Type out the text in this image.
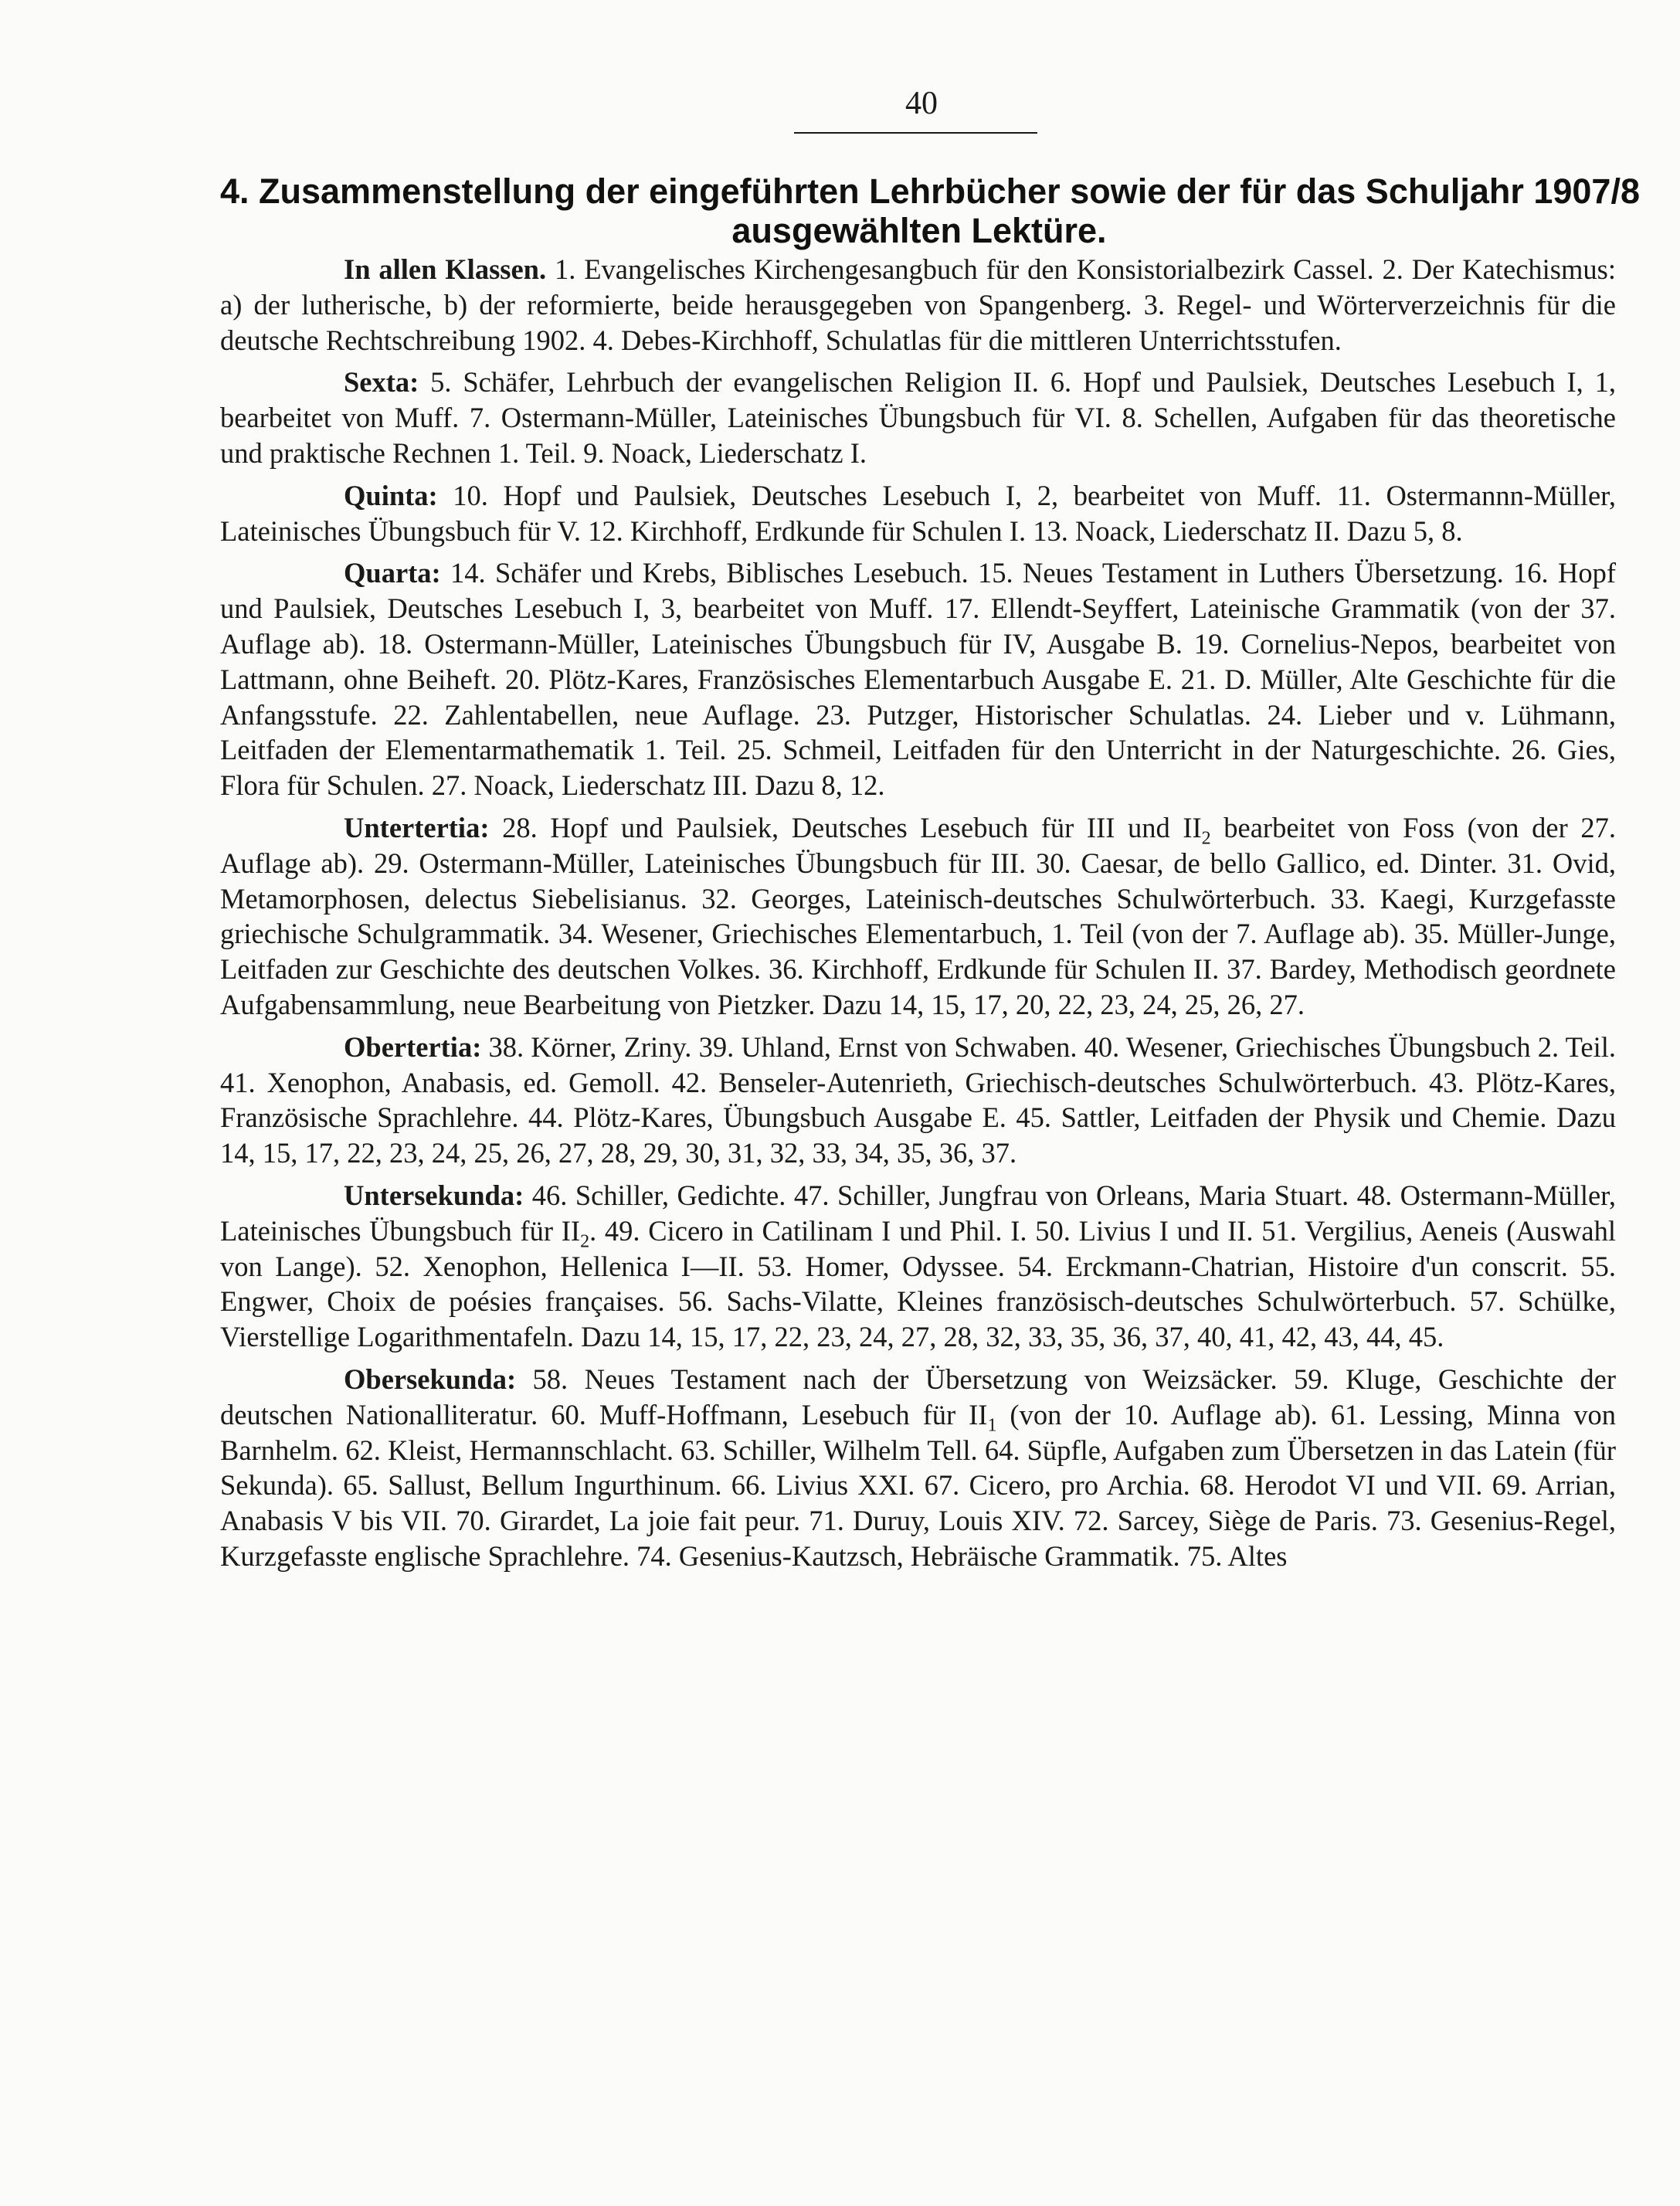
40
4. Zusammenstellung der eingeführten Lehrbücher sowie der für das Schuljahr 1907/8
ausgewählten Lektüre.

In allen Klassen. 1. Evangelisches Kirchengesangbuch für den Konsistorialbezirk Cassel. 2. Der Katechismus: a) der lutherische, b) der reformierte, beide herausgegeben von Spangenberg. 3. Regel- und Wörterverzeichnis für die deutsche Rechtschreibung 1902. 4. Debes-Kirchhoff, Schulatlas für die mittleren Unterrichtsstufen.

Sexta: 5. Schäfer, Lehrbuch der evangelischen Religion II. 6. Hopf und Paulsiek, Deutsches Lesebuch I, 1, bearbeitet von Muff. 7. Ostermann-Müller, Lateinisches Übungsbuch für VI. 8. Schellen, Aufgaben für das theoretische und praktische Rechnen 1. Teil. 9. Noack, Liederschatz I.

Quinta: 10. Hopf und Paulsiek, Deutsches Lesebuch I, 2, bearbeitet von Muff. 11. Ostermannn-Müller, Lateinisches Übungsbuch für V. 12. Kirchhoff, Erdkunde für Schulen I. 13. Noack, Liederschatz II. Dazu 5, 8.

Quarta: 14. Schäfer und Krebs, Biblisches Lesebuch. 15. Neues Testament in Luthers Übersetzung. 16. Hopf und Paulsiek, Deutsches Lesebuch I, 3, bearbeitet von Muff. 17. Ellendt-Seyffert, Lateinische Grammatik (von der 37. Auflage ab). 18. Ostermann-Müller, Lateinisches Übungsbuch für IV, Ausgabe B. 19. Cornelius-Nepos, bearbeitet von Lattmann, ohne Beiheft. 20. Plötz-Kares, Französisches Elementarbuch Ausgabe E. 21. D. Müller, Alte Geschichte für die Anfangsstufe. 22. Zahlentabellen, neue Auflage. 23. Putzger, Historischer Schulatlas. 24. Lieber und v. Lühmann, Leitfaden der Elementarmathematik 1. Teil. 25. Schmeil, Leitfaden für den Unterricht in der Naturgeschichte. 26. Gies, Flora für Schulen. 27. Noack, Liederschatz III. Dazu 8, 12.

Untertertia: 28. Hopf und Paulsiek, Deutsches Lesebuch für III und $II_2$ bearbeitet von Foss (von der 27. Auflage ab). 29. Ostermann-Müller, Lateinisches Übungsbuch für III. 30. Caesar, de bello Gallico, ed. Dinter. 31. Ovid, Metamorphosen, delectus Siebelisianus. 32. Georges, Lateinisch-deutsches Schulwörterbuch. 33. Kaegi, Kurzgefasste griechische Schulgrammatik. 34. Wesener, Griechisches Elementarbuch, 1. Teil (von der 7. Auflage ab). 35. Müller-Junge, Leitfaden zur Geschichte des deutschen Volkes. 36. Kirchhoff, Erdkunde für Schulen II. 37. Bardey, Methodisch geordnete Aufgabensammlung, neue Bearbeitung von Pietzker. Dazu 14, 15, 17, 20, 22, 23, 24, 25, 26, 27.

Obertertia: 38. Körner, Zriny. 39. Uhland, Ernst von Schwaben. 40. Wesener, Griechisches Übungsbuch 2. Teil. 41. Xenophon, Anabasis, ed. Gemoll. 42. Benseler-Autenrieth, Griechisch-deutsches Schulwörterbuch. 43. Plötz-Kares, Französische Sprachlehre. 44. Plötz-Kares, Übungsbuch Ausgabe E. 45. Sattler, Leitfaden der Physik und Chemie. Dazu 14, 15, 17, 22, 23, 24, 25, 26, 27, 28, 29, 30, 31, 32, 33, 34, 35, 36, 37.

Untersekunda: 46. Schiller, Gedichte. 47. Schiller, Jungfrau von Orleans, Maria Stuart. 48. Ostermann-Müller, Lateinisches Übungsbuch für $II_2$. 49. Cicero in Catilinam I und Phil. I. 50. Livius I und II. 51. Vergilius, Aeneis (Auswahl von Lange). 52. Xenophon, Hellenica I—II. 53. Homer, Odyssee. 54. Erckmann-Chatrian, Histoire d'un conscrit. 55. Engwer, Choix de poésies françaises. 56. Sachs-Vilatte, Kleines französisch-deutsches Schulwörterbuch. 57. Schülke, Vierstellige Logarithmentafeln. Dazu 14, 15, 17, 22, 23, 24, 27, 28, 32, 33, 35, 36, 37, 40, 41, 42, 43, 44, 45.

Obersekunda: 58. Neues Testament nach der Übersetzung von Weizsäcker. 59. Kluge, Geschichte der deutschen Nationalliteratur. 60. Muff-Hoffmann, Lesebuch für $II_1$ (von der 10. Auflage ab). 61. Lessing, Minna von Barnhelm. 62. Kleist, Hermannschlacht. 63. Schiller, Wilhelm Tell. 64. Süpfle, Aufgaben zum Übersetzen in das Latein (für Sekunda). 65. Sallust, Bellum Ingurthinum. 66. Livius XXI. 67. Cicero, pro Archia. 68. Herodot VI und VII. 69. Arrian, Anabasis V bis VII. 70. Girardet, La joie fait peur. 71. Duruy, Louis XIV. 72. Sarcey, Siège de Paris. 73. Gesenius-Regel, Kurzgefasste englische Sprachlehre. 74. Gesenius-Kautzsch, Hebräische Grammatik. 75. Altes
